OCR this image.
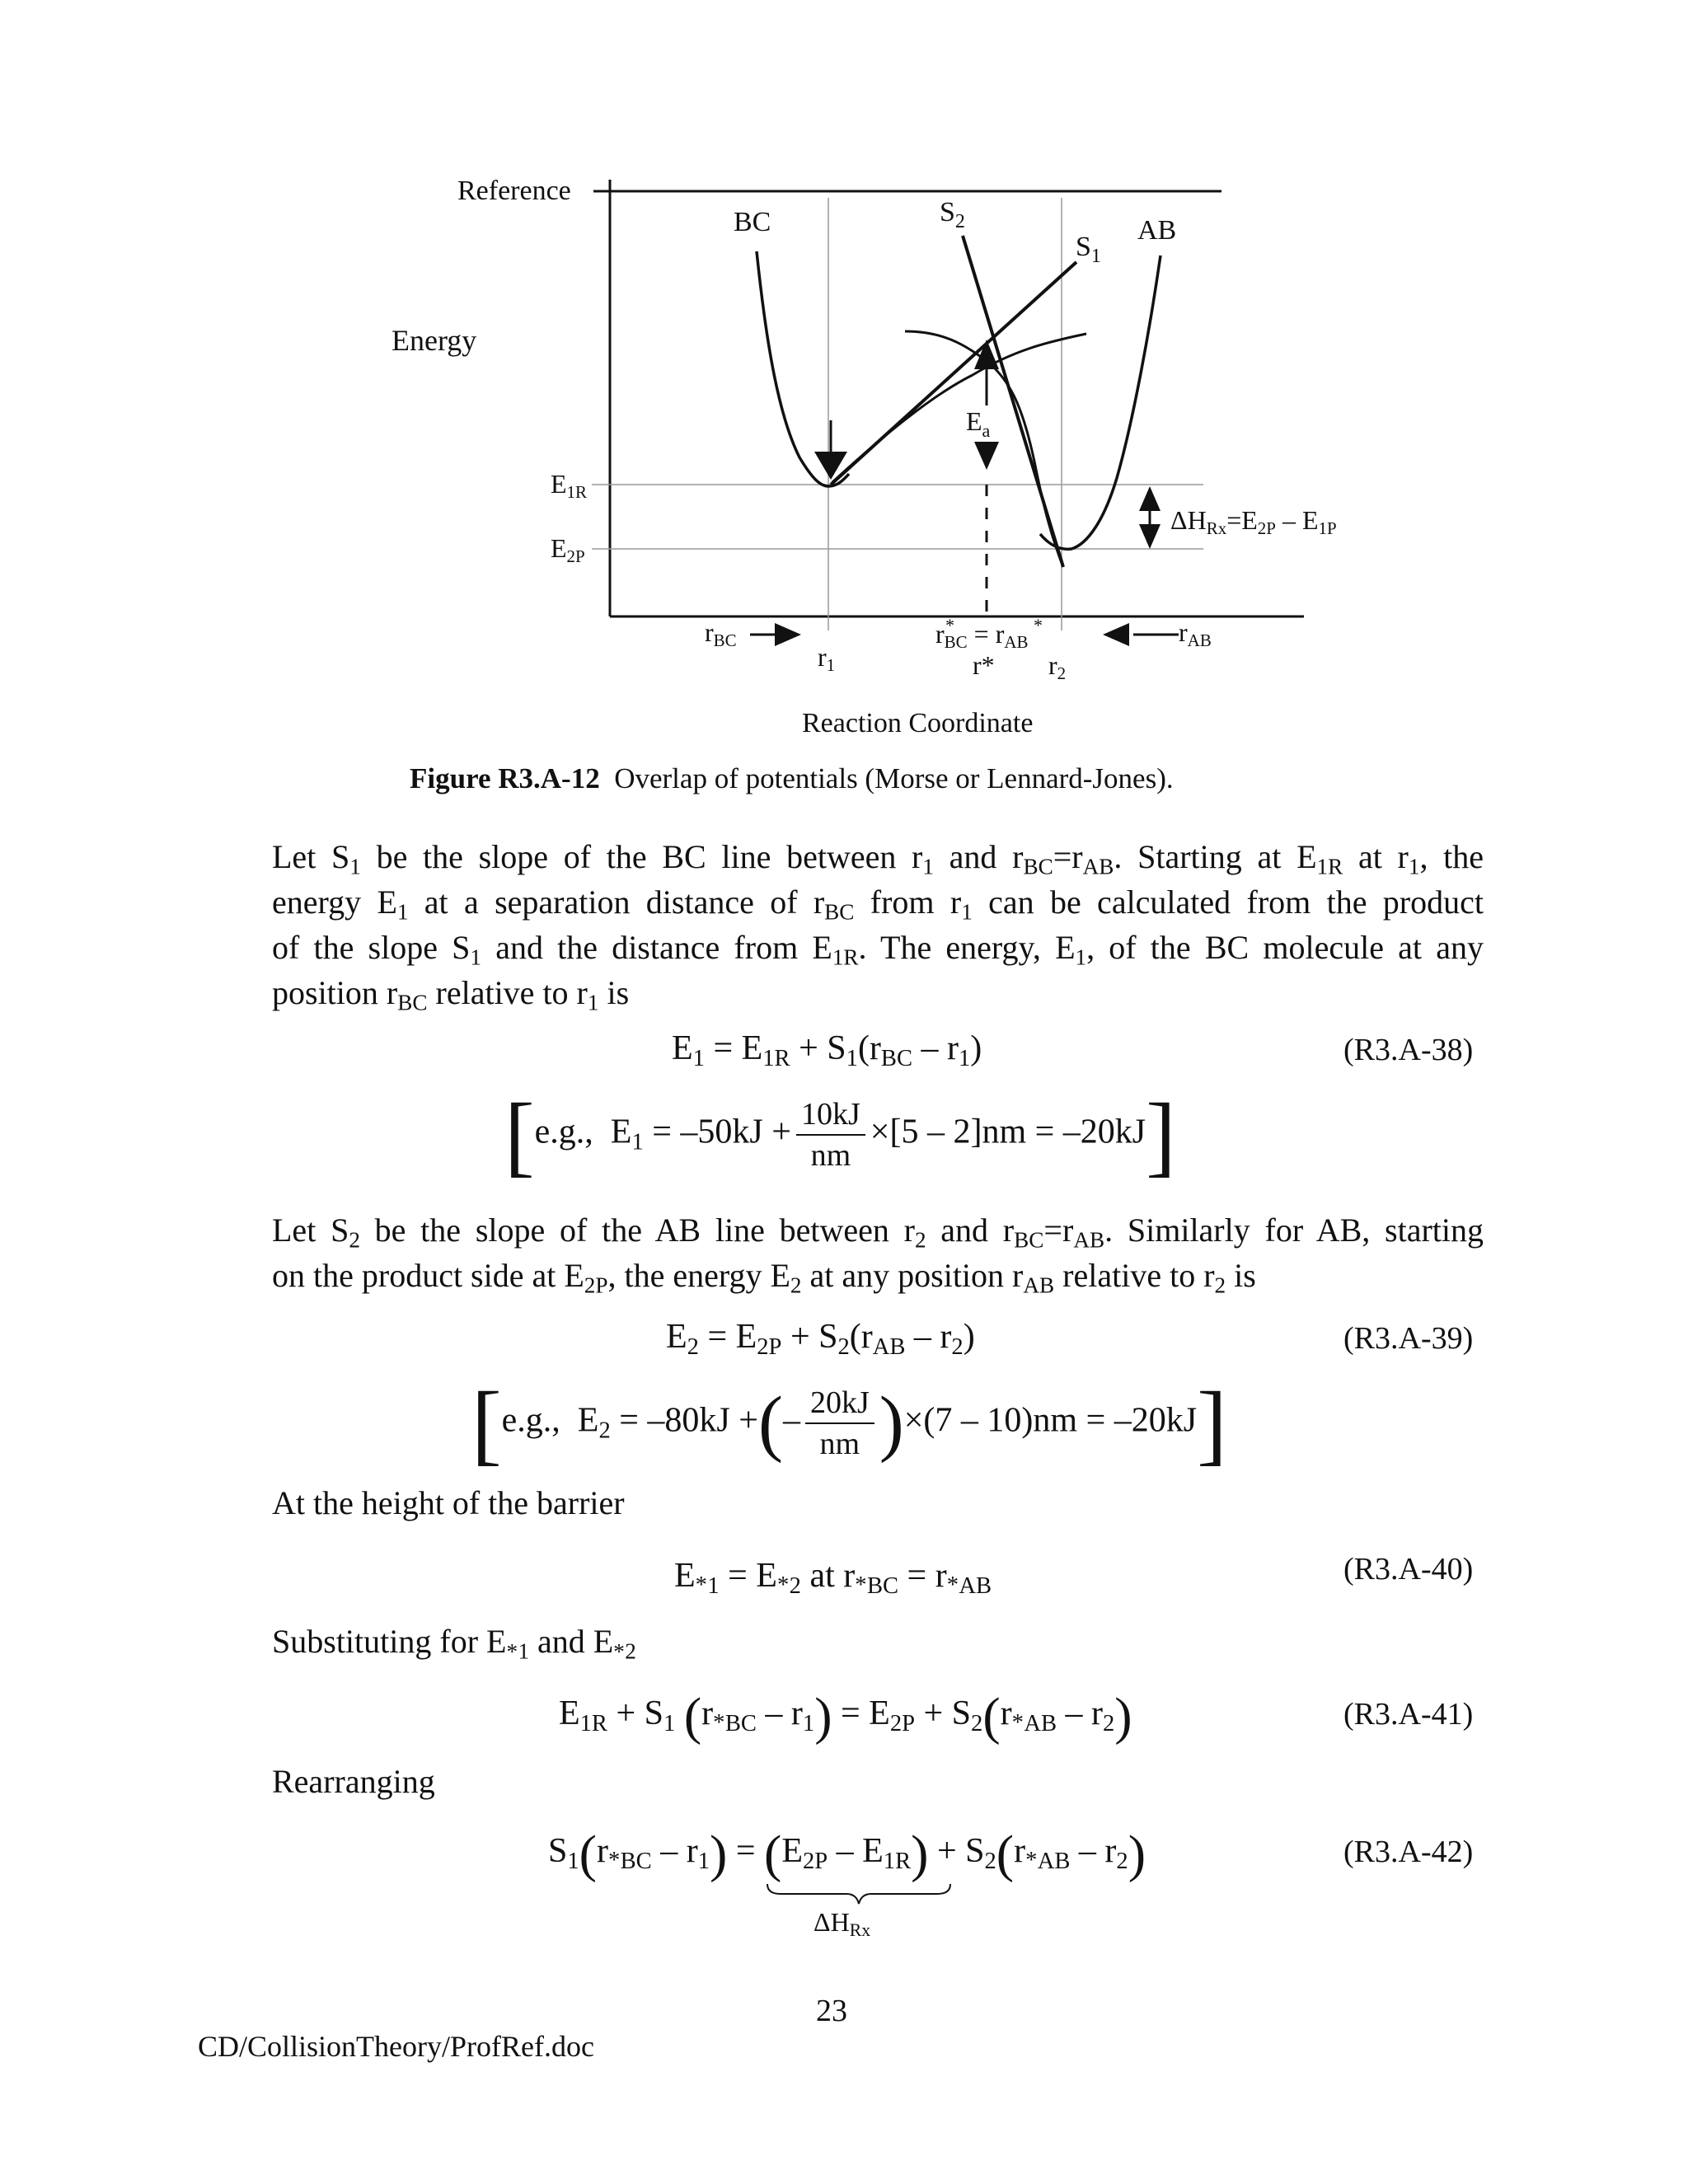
Reference
Energy
BC	$S_2$
$S_1$
AB
$E_a$
E1R
E2P
ΔHRx=E2P – E1P
rBC	rAB
r1	r2
rBC = rAB
*	*
r*
Reaction Coordinate
Figure R3.A-12 Overlap of potentials (Morse or Lennard-Jones).
Let $S_1$ be the slope of the BC line between $r_1$ and $r_{BC}=r_{AB}$. Starting at $E_{1R}$ at $r_1$, the
energy $E_1$ at a separation distance of $r_{BC}$ from $r_1$ can be calculated from the product
of the slope $S_1$ and the distance from $E_{1R}$. The energy, $E_1$, of the BC molecule at any
position $r_{BC}$ relative to $r_1$ is
$E_1 = E_{1R} + S_1(r_{BC} - r_1)$	(R3.A-38)
[e.g.,  $E_1 = -50kJ + \frac{10kJ}{nm} \times[5 - 2]nm = -20kJ$]
Let $S_2$ be the slope of the AB line between $r_2$ and $r_{BC}=r_{AB}$. Similarly for AB, starting
on the product side at $E_{2P}$, the energy $E_2$ at any position $r_{AB}$ relative to $r_2$ is
$E_2 = E_{2P} + S_2(r_{AB} - r_2)$	(R3.A-39)
[e.g.,  $E_2 = -80kJ$ +(– $\frac{20kJ}{nm} )\times(7 - 10)nm = -20kJ$]
At the height of the barrier
E * $_1$ = E * $_2$ at r * $_{BC}$ = r * $_{AB}$	(R3.A-40)
Substituting for E * $_1$ and E * $_2$
$E_{1R} + S_1$ $(r * _{BC} - r_1) = E_{2P} + S_2(r * _{AB} - r_2)$	(R3.A-41)
Rearranging
$S_1(r * _{BC} - r_1) = (E_{2P} - E_{1R})$
$\Delta H_{Rx}$
+ $S_2(r * _{AB} - r_2)$	(R3.A-42)
23
CD/CollisionTheory/ProfRef.doc
